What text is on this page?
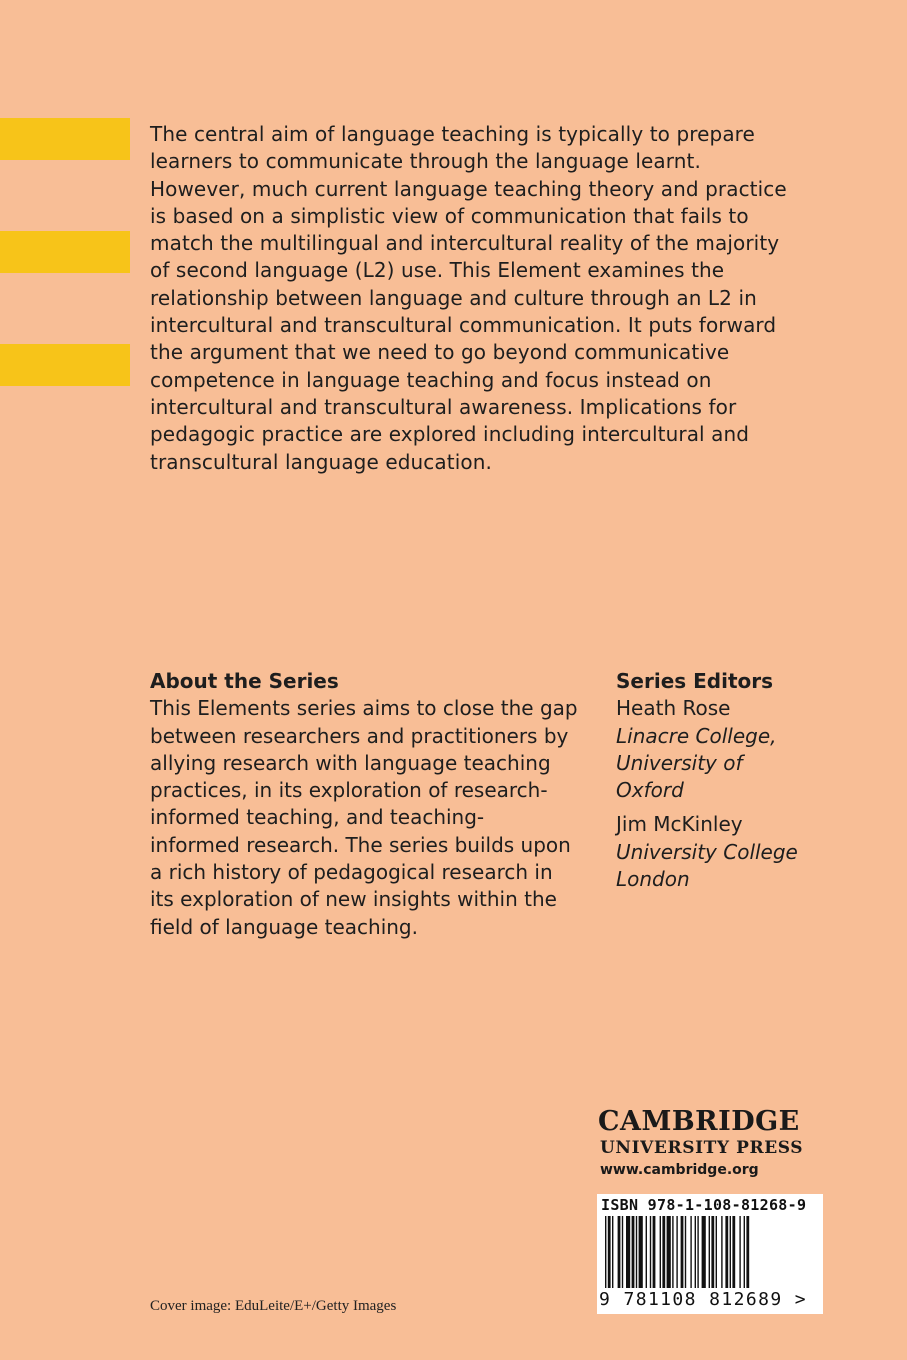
The central aim of language teaching is typically to prepare
learners to communicate through the language learnt.
However, much current language teaching theory and practice
is based on a simplistic view of communication that fails to
match the multilingual and intercultural reality of the majority
of second language (L2) use. This Element examines the
relationship between language and culture through an L2 in
intercultural and transcultural communication. It puts forward
the argument that we need to go beyond communicative
competence in language teaching and focus instead on
intercultural and transcultural awareness. Implications for
pedagogic practice are explored including intercultural and
transcultural language education.

About the Series
This Elements series aims to close the gap
between researchers and practitioners by
allying research with language teaching
practices, in its exploration of research-
informed teaching, and teaching-
informed research. The series builds upon
a rich history of pedagogical research in
its exploration of new insights within the
field of language teaching.
Series Editors
Heath Rose
Linacre College,
University of
Oxford
Jim McKinley
University College
London
CAMBRIDGE
UNIVERSITY PRESS
www.cambridge.org
ISBN 978-1-108-81268-9
9 781108 812689 >
Cover image: EduLeite/E+/Getty Images
